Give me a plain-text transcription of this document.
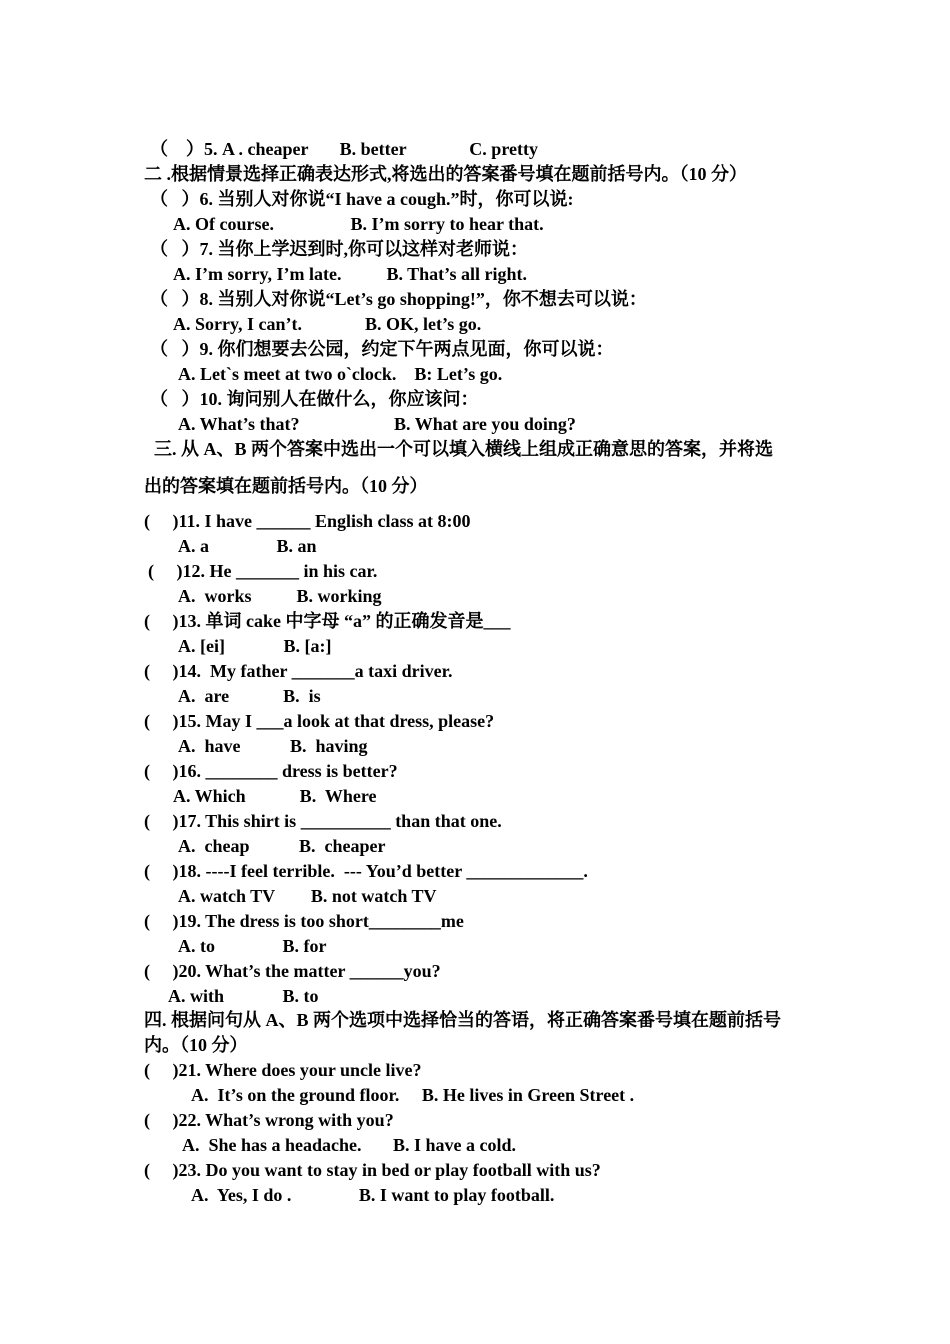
（    ）5. A . cheaper       B. better              C. pretty
二 .根据情景选择正确表达形式,将选出的答案番号填在题前括号内。（10 分）
（   ）6. 当别人对你说“I have a cough.”时，你可以说:
A. Of course.                 B. I’m sorry to hear that.
（   ）7. 当你上学迟到时,你可以这样对老师说：
A. I’m sorry, I’m late.          B. That’s all right.
（   ）8. 当别人对你说“Let’s go shopping!”，你不想去可以说：
A. Sorry, I can’t.              B. OK, let’s go.
（   ）9. 你们想要去公园，约定下午两点见面，你可以说：
A. Let`s meet at two o`clock.    B: Let’s go.
（   ）10. 询问别人在做什么，你应该问：
A. What’s that?                     B. What are you doing?
三. 从 A、B 两个答案中选出一个可以填入横线上组成正确意思的答案，并将选
出的答案填在题前括号内。（10 分）
(     )11. I have ______ English class at 8:00
A. a               B. an
(     )12. He _______ in his car.
A.  works          B. working
(     )13. 单词 cake 中字母 “a” 的正确发音是___
A. [ei]             B. [a:]
(     )14.  My father _______a taxi driver.
A.  are            B.  is
(     )15. May I ___a look at that dress, please?
A.  have           B.  having
(     )16. ________ dress is better?
A. Which            B.  Where
(     )17. This shirt is __________ than that one.
A.  cheap           B.  cheaper
(     )18. ----I feel terrible.  --- You’d better _____________.
A. watch TV        B. not watch TV
(     )19. The dress is too short________me
A. to               B. for
(     )20. What’s the matter ______you?
A. with             B. to
四. 根据问句从 A、B 两个选项中选择恰当的答语，将正确答案番号填在题前括号
内。（10 分）
(     )21. Where does your uncle live?
A.  It’s on the ground floor.     B. He lives in Green Street .
(     )22. What’s wrong with you?
A.  She has a headache.       B. I have a cold.
(     )23. Do you want to stay in bed or play football with us?
A.  Yes, I do .               B. I want to play football.
